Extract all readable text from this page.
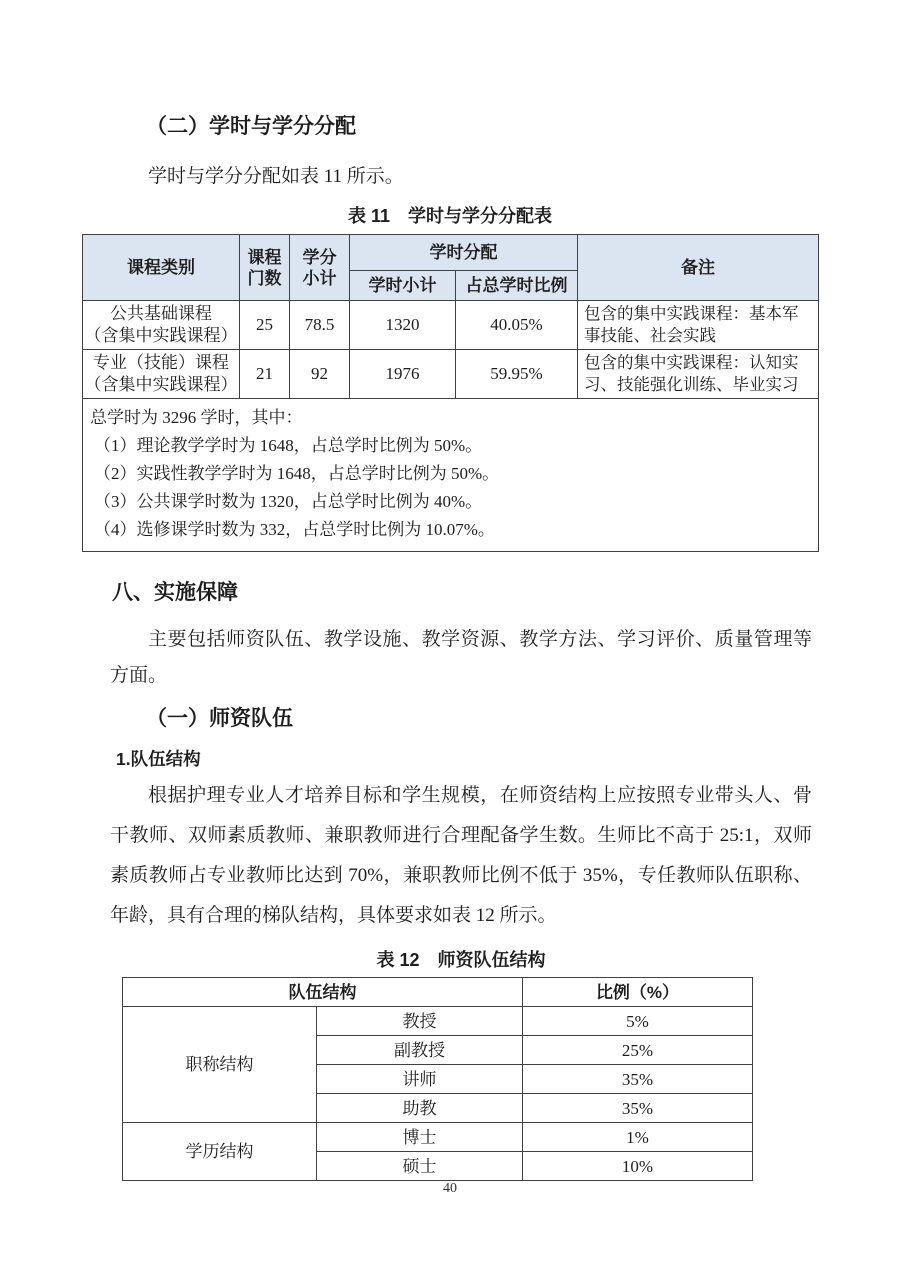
（二）学时与学分分配

学时与学分分配如表 11 所示。

表 11　学时与学分分配表
课程类别	课程门数	学分小计	学时分配		备注
			学时小计	占总学时比例	

公共基础课程
（含集中实践课程）	25	78.5	1320	40.05%	包含的集中实践课程：基本军事技能、社会实践

专业（技能）课程
（含集中实践课程）	21	92	1976	59.95%	包含的集中实践课程：认知实习、技能强化训练、毕业实习

总学时为 3296 学时，其中：
（1）理论教学学时为 1648，占总学时比例为 50%。
（2）实践性教学学时为 1648，占总学时比例为 50%。
（3）公共课学时数为 1320，占总学时比例为 40%。
（4）选修课学时数为 332，占总学时比例为 10.07%。					
八、实施保障

主要包括师资队伍、教学设施、教学资源、教学方法、学习评价、质量管理等方面。

（一）师资队伍
1.队伍结构

根据护理专业人才培养目标和学生规模，在师资结构上应按照专业带头人、骨干教师、双师素质教师、兼职教师进行合理配备学生数。生师比不高于 25:1，双师素质教师占专业教师比达到 70%，兼职教师比例不低于 35%，专任教师队伍职称、年龄，具有合理的梯队结构，具体要求如表 12 所示。

表 12　师资队伍结构
队伍结构		比例（%）
职称结构	教授	5%
	副教授	25%
	讲师	35%
	助教	35%
学历结构	博士	1%
	硕士	10%
40
